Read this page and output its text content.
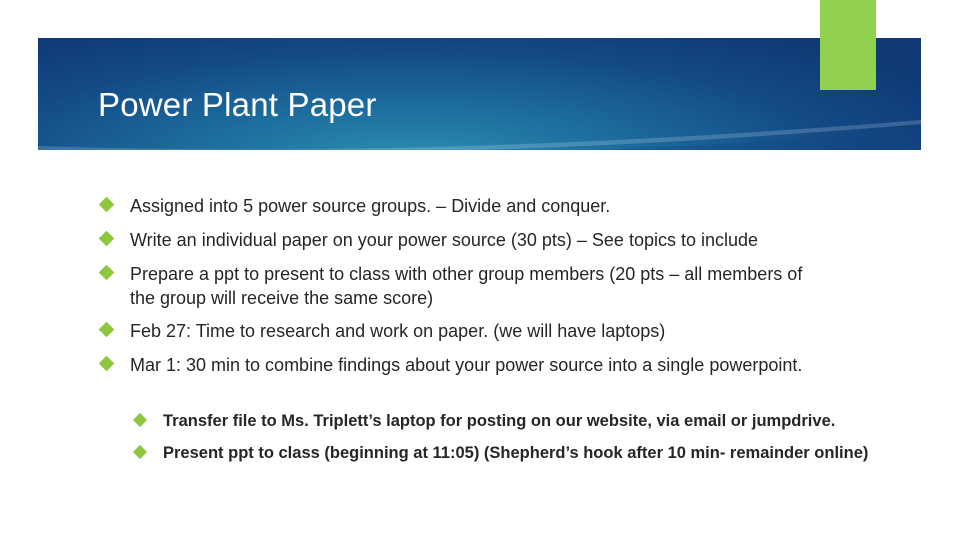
Power Plant Paper
Assigned into 5 power source groups. – Divide and conquer.
Write an individual paper on your power source (30 pts) – See topics to include
Prepare a ppt to present to class with other group members (20 pts – all members of the group will receive the same score)
Feb 27: Time to research and work on paper. (we will have laptops)
Mar 1: 30 min to combine findings about your power source into a single powerpoint.
Transfer file to Ms. Triplett’s laptop for posting on our website, via email or jumpdrive.
Present ppt to class (beginning at 11:05) (Shepherd’s hook after 10 min- remainder online)
